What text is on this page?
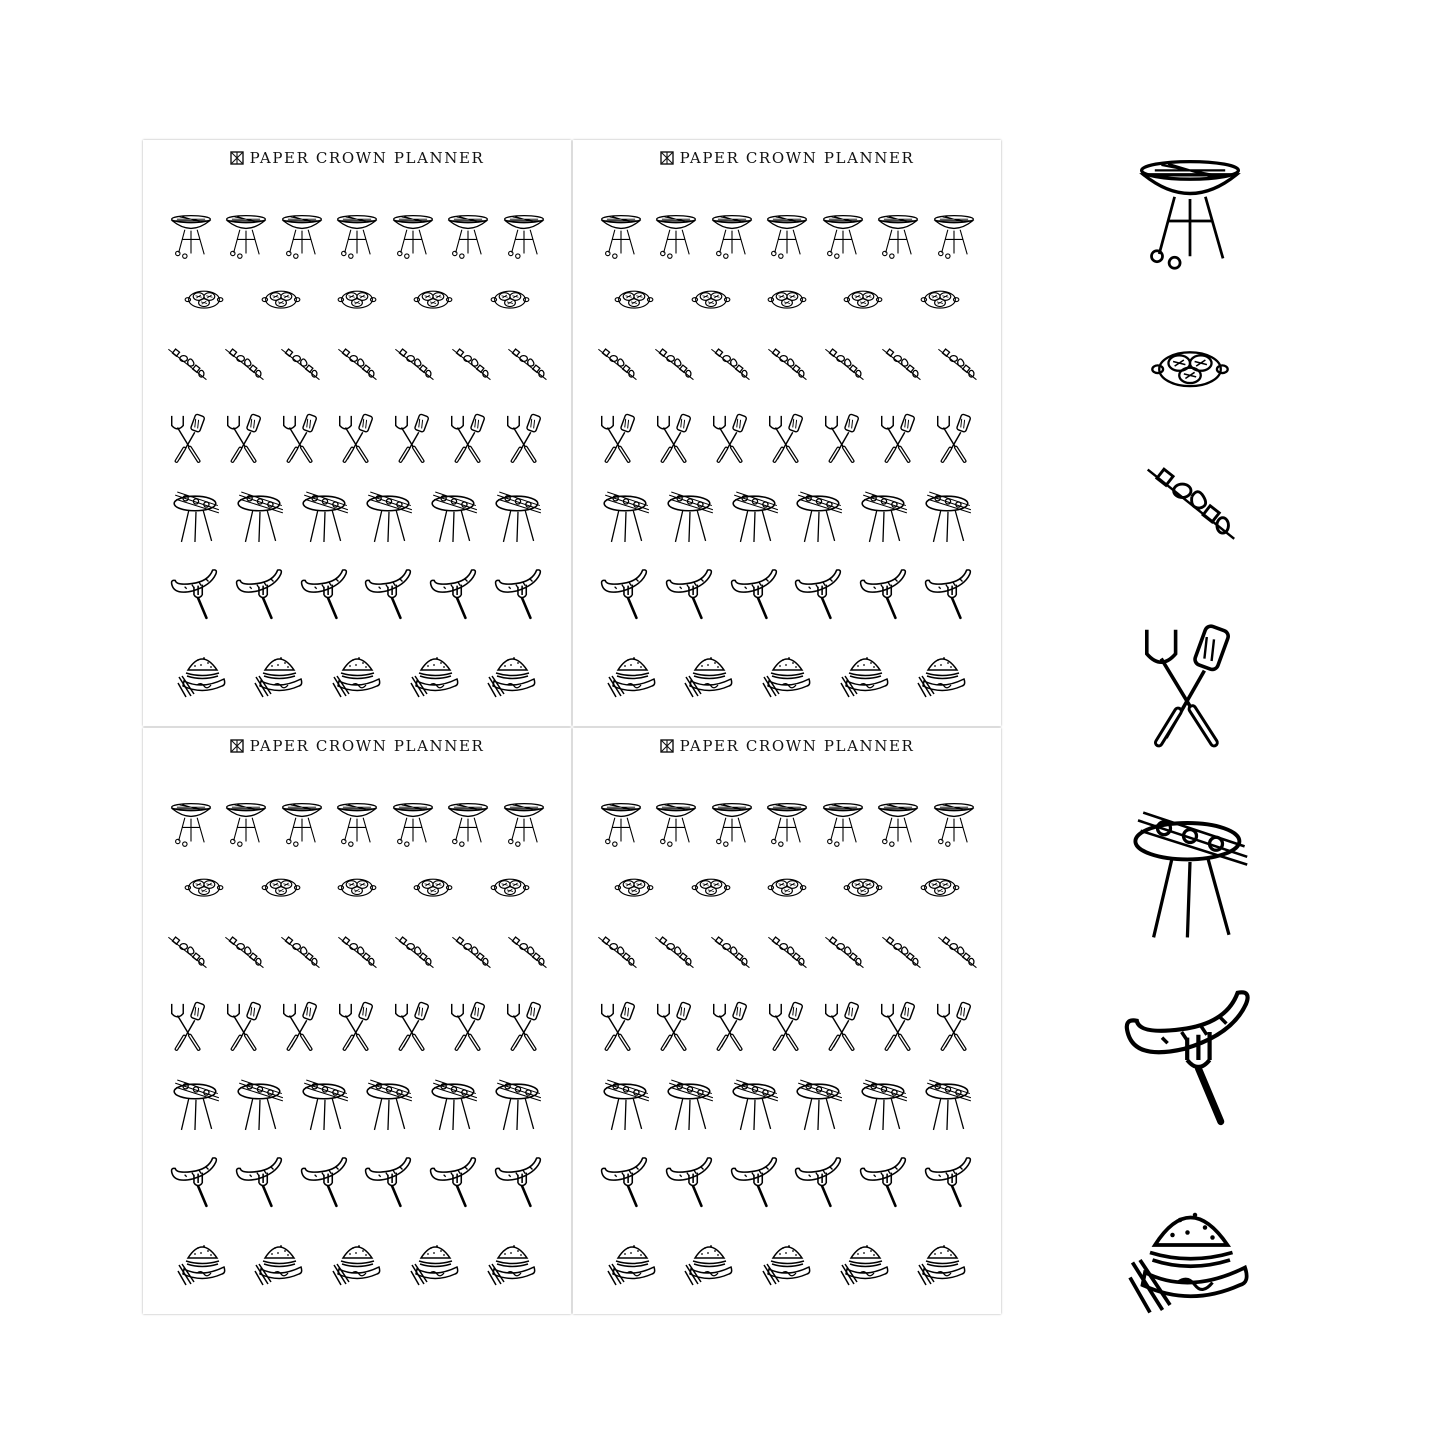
PAPER CROWN PLANNER	PAPER CROWN PLANNER
PAPER CROWN PLANNER	PAPER CROWN PLANNER
